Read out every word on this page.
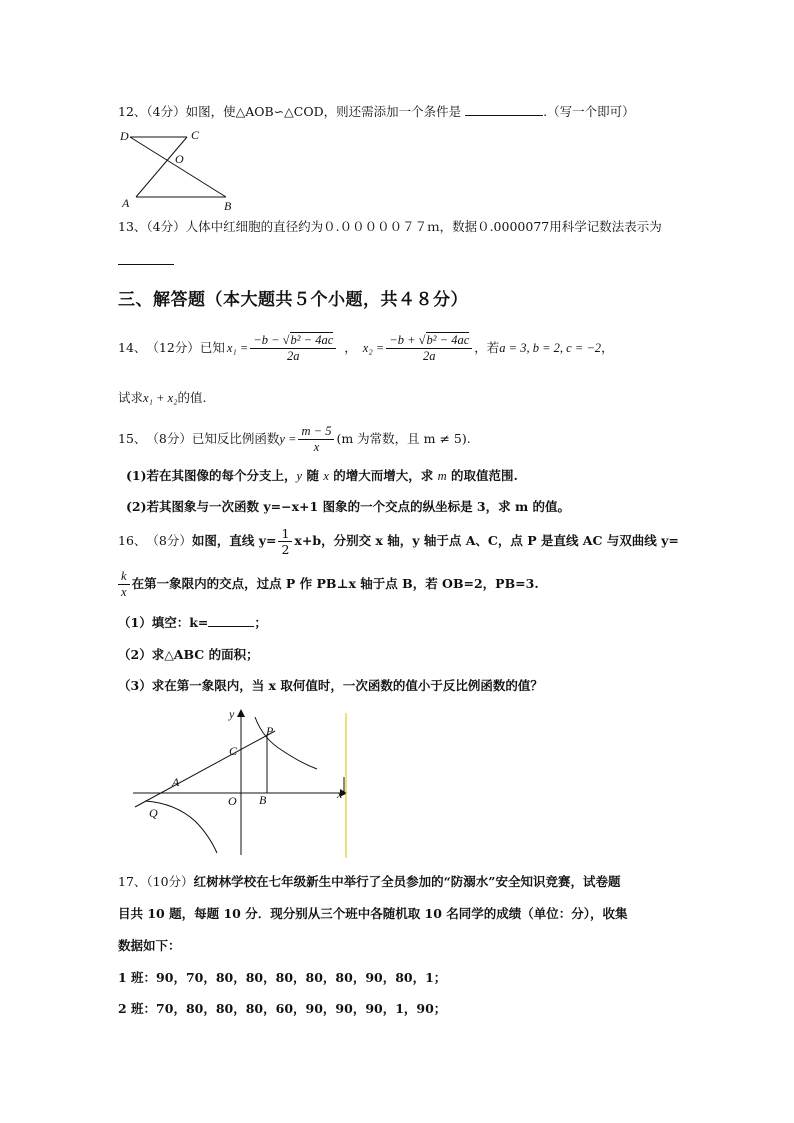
12、（4分）如图，使△AOB∽△COD，则还需添加一个条件是	.（写一个即可）
D	C
O
A	B
13、（4分）人体中红细胞的直径约为０.０００００７７ｍ，数据０.0000077用科学记数法表示为
三、解答题（本大题共５个小题，共４８分）
14、 （12分） 已知 $x_1 = \frac{\text{−b − √b² − 4ac}}{2a}$ ， $x_2 = \frac{\text{−b + √b² − 4ac}}{2a}$ ，若 a = 3, b = 2, c = −2 ，
试求x₁ + x₂的值.
15、 （8分） 已知反比例函数 $y = \frac{m - 5}{x} (m$ 为常数，且 m ≠ 5).
(1)若在其图像的每个分支上，y 随 x 的增大而增大，求 m 的取值范围.
(2)若其图象与一次函数 y=−x+1 图象的一个交点的纵坐标是 3，求 m 的值。
16、 （8分） 如图，直线 $y= \frac{1}{2} x+b$，分别交 x 轴，y 轴于点 A、C，点 P 是直线 AC 与双曲线 y=
$\frac{k}{x}$ 在第一象限内的交点，过点 P 作 PB⊥x 轴于点 B，若 OB=2，PB=3.
（1）填空：k=	；
（2）求△ABC 的面积；
（3）求在第一象限内，当 x 取何值时，一次函数的值小于反比例函数的值？
y
x
P
C
A
O B
Q
17、（10分）红树林学校在七年级新生中举行了全员参加的“防溺水”安全知识竞赛，试卷题
目共 10 题，每题 10 分．现分别从三个班中各随机取 10 名同学的成绩（单位：分），收集
数据如下：
1 班：90，70，80，80，80，80，80，90，80，1；
2 班：70，80，80，80，60，90，90，90，1，90；
